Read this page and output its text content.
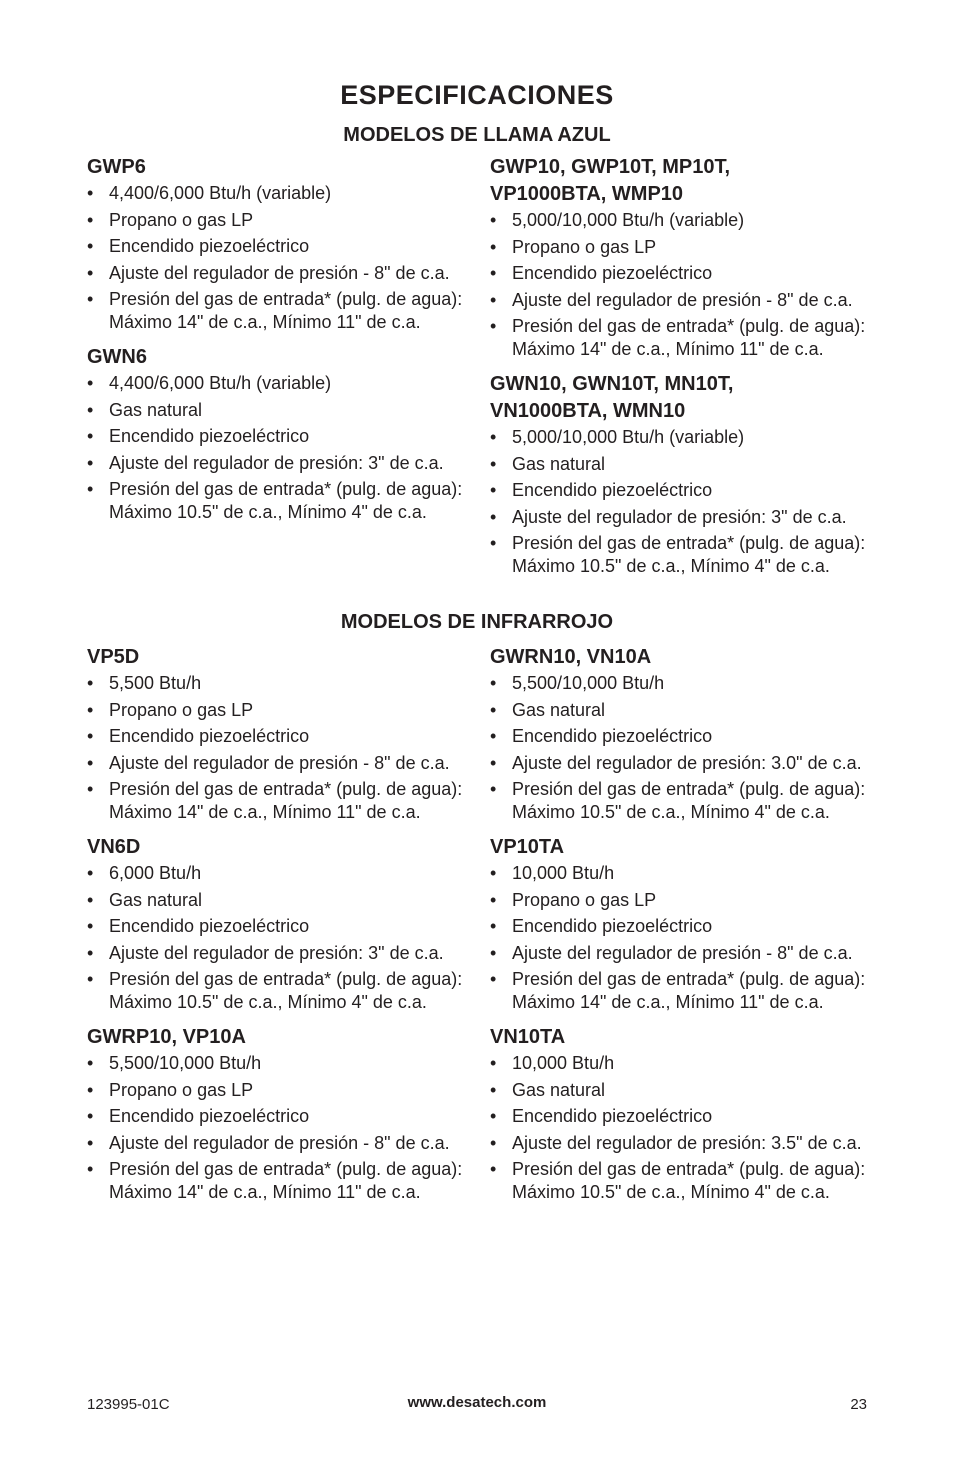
ESPECIFICACIONES
MODELOS DE LLAMA AZUL
GWP6
• 4,400/6,000 Btu/h (variable)
• Propano o gas LP
• Encendido piezoeléctrico
• Ajuste del regulador de presión - 8" de c.a.
• Presión del gas de entrada* (pulg. de agua):
Máximo 14" de c.a., Mínimo 11" de c.a.
GWN6
• 4,400/6,000 Btu/h (variable)
• Gas natural
• Encendido piezoeléctrico
• Ajuste del regulador de presión: 3" de c.a.
• Presión del gas de entrada* (pulg. de agua):
Máximo 10.5" de c.a., Mínimo 4" de c.a.
GWP10, GWP10T, MP10T,
VP1000BTA, WMP10
• 5,000/10,000 Btu/h (variable)
• Propano o gas LP
• Encendido piezoeléctrico
• Ajuste del regulador de presión - 8" de c.a.
• Presión del gas de entrada* (pulg. de agua):
Máximo 14" de c.a., Mínimo 11" de c.a.
GWN10, GWN10T, MN10T,
VN1000BTA, WMN10
• 5,000/10,000 Btu/h (variable)
• Gas natural
• Encendido piezoeléctrico
• Ajuste del regulador de presión: 3" de c.a.
• Presión del gas de entrada* (pulg. de agua):
Máximo 10.5" de c.a., Mínimo 4" de c.a.
MODELOS DE INFRARROJO
VP5D
• 5,500 Btu/h
• Propano o gas LP
• Encendido piezoeléctrico
• Ajuste del regulador de presión - 8" de c.a.
• Presión del gas de entrada* (pulg. de agua):
Máximo 14" de c.a., Mínimo 11" de c.a.
VN6D
• 6,000 Btu/h
• Gas natural
• Encendido piezoeléctrico
• Ajuste del regulador de presión: 3" de c.a.
• Presión del gas de entrada* (pulg. de agua):
Máximo 10.5" de c.a., Mínimo 4" de c.a.
GWRP10, VP10A
• 5,500/10,000 Btu/h
• Propano o gas LP
• Encendido piezoeléctrico
• Ajuste del regulador de presión - 8" de c.a.
• Presión del gas de entrada* (pulg. de agua):
Máximo 14" de c.a., Mínimo 11" de c.a.
GWRN10, VN10A
• 5,500/10,000 Btu/h
• Gas natural
• Encendido piezoeléctrico
• Ajuste del regulador de presión: 3.0" de c.a.
• Presión del gas de entrada* (pulg. de agua):
Máximo 10.5" de c.a., Mínimo 4" de c.a.
VP10TA
• 10,000 Btu/h
• Propano o gas LP
• Encendido piezoeléctrico
• Ajuste del regulador de presión - 8" de c.a.
• Presión del gas de entrada* (pulg. de agua):
Máximo 14" de c.a., Mínimo 11" de c.a.
VN10TA
• 10,000 Btu/h
• Gas natural
• Encendido piezoeléctrico
• Ajuste del regulador de presión: 3.5" de c.a.
• Presión del gas de entrada* (pulg. de agua):
Máximo 10.5" de c.a., Mínimo 4" de c.a.
123995-01C	www.desatech.com	23
